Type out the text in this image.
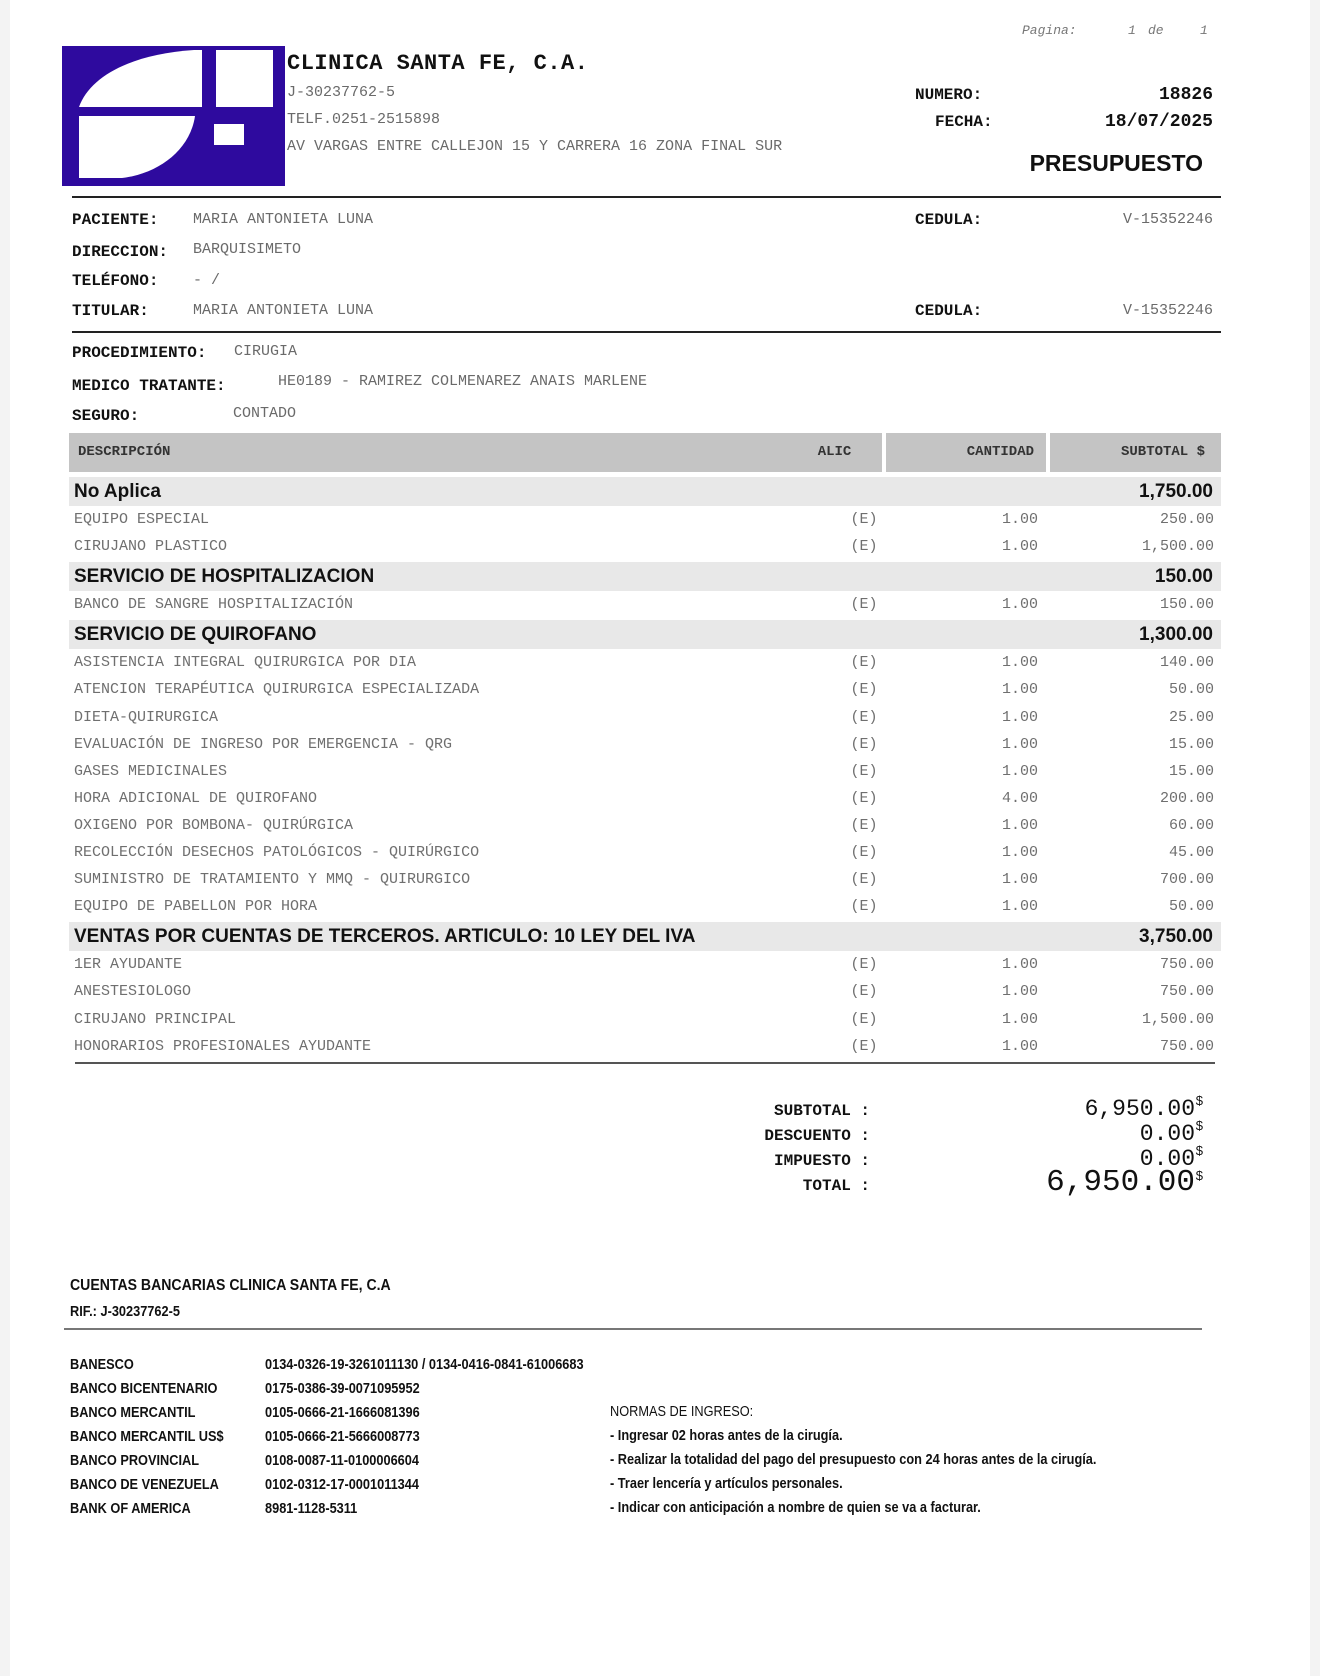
Pagina:	1 de	1
CLINICA SANTA FE, C.A.
J-30237762-5
TELF.0251-2515898
AV VARGAS ENTRE CALLEJON 15 Y CARRERA 16 ZONA FINAL SUR
NUMERO:	18826
FECHA:	18/07/2025
PRESUPUESTO
PACIENTE: MARIA ANTONIETA LUNA	CEDULA:	V-15352246
DIRECCION: BARQUISIMETO
TELÉFONO: - /
TITULAR:	MARIA ANTONIETA LUNA	CEDULA:	V-15352246
PROCEDIMIENTO: CIRUGIA
MEDICO TRATANTE:	HE0189 - RAMIREZ COLMENAREZ ANAIS MARLENE
SEGURO:	CONTADO
DESCRIPCIÓN	ALIC	CANTIDAD	SUBTOTAL $
No Aplica	1,750.00
EQUIPO ESPECIAL	(E)	1.00	250.00
CIRUJANO PLASTICO	(E)	1.00	1,500.00
SERVICIO DE HOSPITALIZACION	150.00
BANCO DE SANGRE HOSPITALIZACIÓN	(E)	1.00	150.00
SERVICIO DE QUIROFANO	1,300.00
ASISTENCIA INTEGRAL QUIRURGICA POR DIA	(E)	1.00	140.00
ATENCION TERAPÉUTICA QUIRURGICA ESPECIALIZADA	(E)	1.00	50.00
DIETA-QUIRURGICA	(E)	1.00	25.00
EVALUACIÓN DE INGRESO POR EMERGENCIA - QRG	(E)	1.00	15.00
GASES MEDICINALES	(E)	1.00	15.00
HORA ADICIONAL DE QUIROFANO	(E)	4.00	200.00
OXIGENO POR BOMBONA- QUIRÚRGICA	(E)	1.00	60.00
RECOLECCIÓN DESECHOS PATOLÓGICOS - QUIRÚRGICO	(E)	1.00	45.00
SUMINISTRO DE TRATAMIENTO Y MMQ - QUIRURGICO	(E)	1.00	700.00
EQUIPO DE PABELLON POR HORA	(E)	1.00	50.00
VENTAS POR CUENTAS DE TERCEROS. ARTICULO: 10 LEY DEL IVA	3,750.00
1ER AYUDANTE	(E)	1.00	750.00
ANESTESIOLOGO	(E)	1.00	750.00
CIRUJANO PRINCIPAL	(E)	1.00	1,500.00
HONORARIOS PROFESIONALES AYUDANTE	(E)	1.00	750.00
SUBTOTAL :	6,950.00 $
DESCUENTO :	0.00 $
IMPUESTO :	0.00 $
TOTAL :	6,950.00 $
CUENTAS BANCARIAS CLINICA SANTA FE, C.A
RIF.: J-30237762-5
BANESCO	0134-0326-19-3261011130 / 0134-0416-0841-61006683
BANCO BICENTENARIO	0175-0386-39-0071095952
BANCO MERCANTIL	0105-0666-21-1666081396
BANCO MERCANTIL US$	0105-0666-21-5666008773
BANCO PROVINCIAL	0108-0087-11-0100006604
BANCO DE VENEZUELA	0102-0312-17-0001011344
BANK OF AMERICA	8981-1128-5311
NORMAS DE INGRESO:
- Ingresar 02 horas antes de la cirugía.
- Realizar la totalidad del pago del presupuesto con 24 horas antes de la cirugía.
- Traer lencería y artículos personales.
- Indicar con anticipación a nombre de quien se va a facturar.
